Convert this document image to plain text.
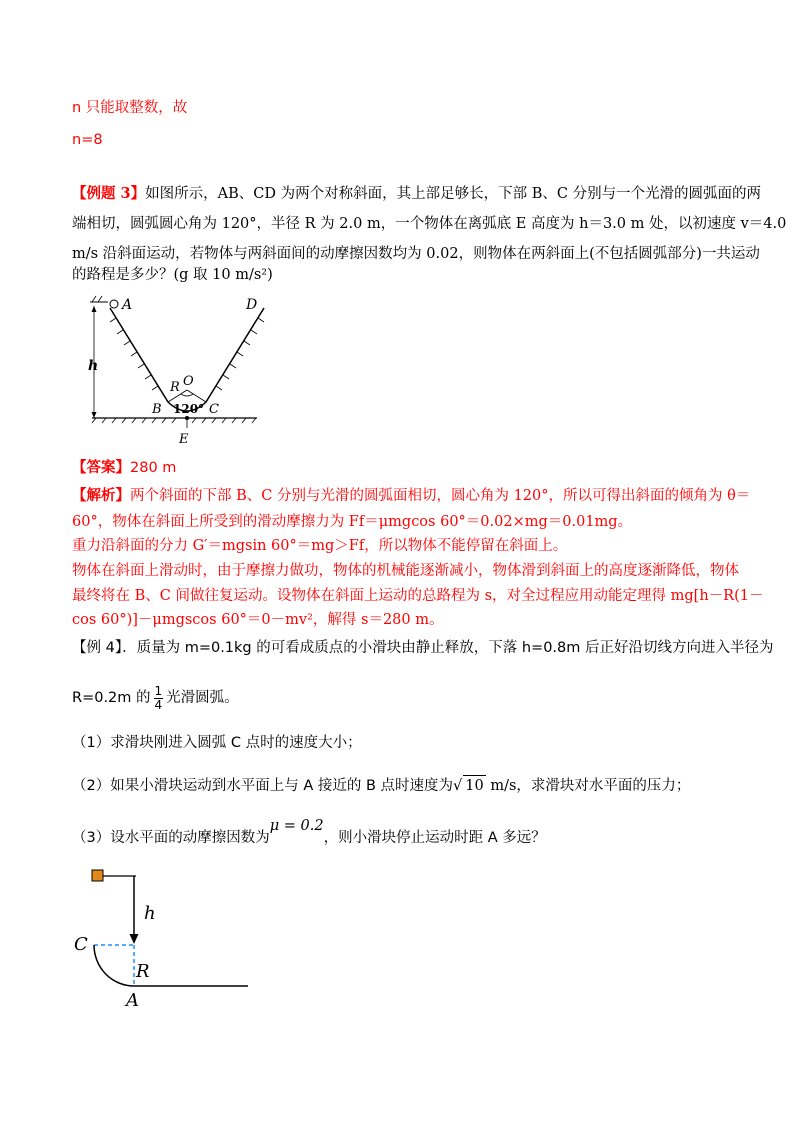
n 只能取整数，故
n=8
【例题 3】如图所示，AB、CD 为两个对称斜面，其上部足够长，下部 B、C 分别与一个光滑的圆弧面的两
端相切，圆弧圆心角为 120°，半径 R 为 2.0 m，一个物体在离弧底 E 高度为 h＝3.0 m 处，以初速度 v＝4.0
m/s 沿斜面运动，若物体与两斜面间的动摩擦因数均为 0.02，则物体在两斜面上(不包括圆弧部分)一共运动
的路程是多少？(g 取 10 m/s²)
A	D
h
R O
120°
B	C
E
【答案】280 m
【解析】两个斜面的下部 B、C 分别与光滑的圆弧面相切，圆心角为 120°，所以可得出斜面的倾角为 θ＝
60°，物体在斜面上所受到的滑动摩擦力为 Ff＝μmgcos 60°＝0.02×mg＝0.01mg。
重力沿斜面的分力 G′＝mgsin 60°＝mg＞Ff，所以物体不能停留在斜面上。
物体在斜面上滑动时，由于摩擦力做功，物体的机械能逐渐减小，物体滑到斜面上的高度逐渐降低，物体
最终将在 B、C 间做往复运动。设物体在斜面上运动的总路程为 s，对全过程应用动能定理得 mg[h－R(1－
cos 60°)]－μmgscos 60°＝0－mv²，解得 s＝280 m。
【例 4】．质量为 m=0.1kg 的可看成质点的小滑块由静止释放，下落 h=0.8m 后正好沿切线方向进入半径为
R=0.2m 的 $\frac{1}{4}$ 光滑圆弧。
（1）求滑块刚进入圆弧 C 点时的速度大小；
（2）如果小滑块运动到水平面上与 A 接近的 B 点时速度为√ 10 m/s，求滑块对水平面的压力；
（3）设水平面的动摩擦因数为μ = 0.2，则小滑块停止运动时距 A 多远？
h
C
R
A
